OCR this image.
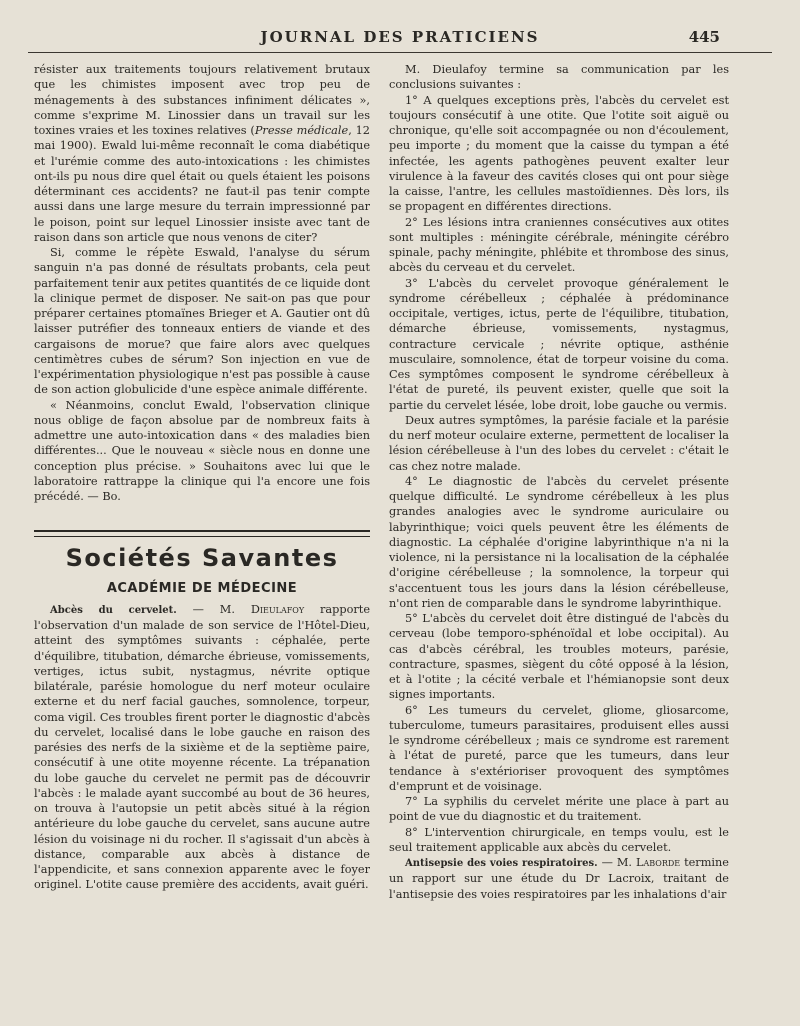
JOURNAL DES PRATICIENS	445

résister aux traitements toujours relativement brutaux que les chimistes imposent avec trop peu de ménagements à des substances infiniment délicates », comme s'exprime M. Linossier dans un travail sur les toxines vraies et les toxines relatives (Presse médicale, 12 mai 1900). Ewald lui-même reconnaît le coma diabétique et l'urémie comme des auto-intoxications : les chimistes ont-ils pu nous dire quel était ou quels étaient les poisons déterminant ces accidents? ne faut-il pas tenir compte aussi dans une large mesure du terrain impressionné par le poison, point sur lequel Linossier insiste avec tant de raison dans son article que nous venons de citer?

Si, comme le répète Eswald, l'analyse du sérum sanguin n'a pas donné de résultats probants, cela peut parfaitement tenir aux petites quantités de ce liquide dont la clinique permet de disposer. Ne sait-on pas que pour préparer certaines ptomaïnes Brieger et A. Gautier ont dû laisser putréfier des tonneaux entiers de viande et des cargaisons de morue? que faire alors avec quelques centimètres cubes de sérum? Son injection en vue de l'expérimentation physiologique n'est pas possible à cause de son action globulicide d'une espèce animale différente.

« Néanmoins, conclut Ewald, l'observation clinique nous oblige de façon absolue par de nombreux faits à admettre une auto-intoxication dans « des maladies bien différentes... Que le nouveau « siècle nous en donne une conception plus précise. » Souhaitons avec lui que le laboratoire rattrappe la clinique qui l'a encore une fois précédé. — Bo.

Sociétés Savantes
ACADÉMIE DE MÉDECINE

Abcès du cervelet. — M. Dieulafoy rapporte l'observation d'un malade de son service de l'Hôtel-Dieu, atteint des symptômes suivants : céphalée, perte d'équilibre, titubation, démarche ébrieuse, vomissements, vertiges, ictus subit, nystagmus, névrite optique bilatérale, parésie homologue du nerf moteur oculaire externe et du nerf facial gauches, somnolence, torpeur, coma vigil. Ces troubles firent porter le diagnostic d'abcès du cervelet, localisé dans le lobe gauche en raison des parésies des nerfs de la sixième et de la septième paire, consécutif à une otite moyenne récente. La trépanation du lobe gauche du cervelet ne permit pas de découvrir l'abcès : le malade ayant succombé au bout de 36 heures, on trouva à l'autopsie un petit abcès situé à la région antérieure du lobe gauche du cervelet, sans aucune autre lésion du voisinage ni du rocher. Il s'agissait d'un abcès à distance, comparable aux abcès à distance de l'appendicite, et sans connexion apparente avec le foyer originel. L'otite cause première des accidents, avait guéri.

M. Dieulafoy termine sa communication par les conclusions suivantes :

1° A quelques exceptions près, l'abcès du cervelet est toujours consécutif à une otite. Que l'otite soit aiguë ou chronique, qu'elle soit accompagnée ou non d'écoulement, peu importe ; du moment que la caisse du tympan a été infectée, les agents pathogènes peuvent exalter leur virulence à la faveur des cavités closes qui ont pour siège la caisse, l'antre, les cellules mastoïdiennes. Dès lors, ils se propagent en différentes directions.

2° Les lésions intra craniennes consécutives aux otites sont multiples : méningite cérébrale, méningite cérébro spinale, pachy méningite, phlébite et thrombose des sinus, abcès du cerveau et du cervelet.

3° L'abcès du cervelet provoque généralement le syndrome cérébelleux ; céphalée à prédominance occipitale, vertiges, ictus, perte de l'équilibre, titubation, démarche ébrieuse, vomissements, nystagmus, contracture cervicale ; névrite optique, asthénie musculaire, somnolence, état de torpeur voisine du coma. Ces symptômes composent le syndrome cérébelleux à l'état de pureté, ils peuvent exister, quelle que soit la partie du cervelet lésée, lobe droit, lobe gauche ou vermis.

Deux autres symptômes, la parésie faciale et la parésie du nerf moteur oculaire externe, permettent de localiser la lésion cérébelleuse à l'un des lobes du cervelet : c'était le cas chez notre malade.

4° Le diagnostic de l'abcès du cervelet présente quelque difficulté. Le syndrome cérébelleux à les plus grandes analogies avec le syndrome auriculaire ou labyrinthique; voici quels peuvent être les éléments de diagnostic. La céphalée d'origine labyrinthique n'a ni la violence, ni la persistance ni la localisation de la céphalée d'origine cérébelleuse ; la somnolence, la torpeur qui s'accentuent tous les jours dans la lésion cérébelleuse, n'ont rien de comparable dans le syndrome labyrinthique.

5° L'abcès du cervelet doit être distingué de l'abcès du cerveau (lobe temporo-sphénoïdal et lobe occipital). Au cas d'abcès cérébral, les troubles moteurs, parésie, contracture, spasmes, siègent du côté opposé à la lésion, et à l'otite ; la cécité verbale et l'hémianopsie sont deux signes importants.

6° Les tumeurs du cervelet, gliome, gliosarcome, tuberculome, tumeurs parasitaires, produisent elles aussi le syndrome cérébelleux ; mais ce syndrome est rarement à l'état de pureté, parce que les tumeurs, dans leur tendance à s'extérioriser provoquent des symptômes d'emprunt et de voisinage.

7° La syphilis du cervelet mérite une place à part au point de vue du diagnostic et du traitement.

8° L'intervention chirurgicale, en temps voulu, est le seul traitement applicable aux abcès du cervelet.

Antisepsie des voies respiratoires. — M. Laborde termine un rapport sur une étude du Dr Lacroix, traitant de l'antisepsie des voies respiratoires par les inhalations d'air
